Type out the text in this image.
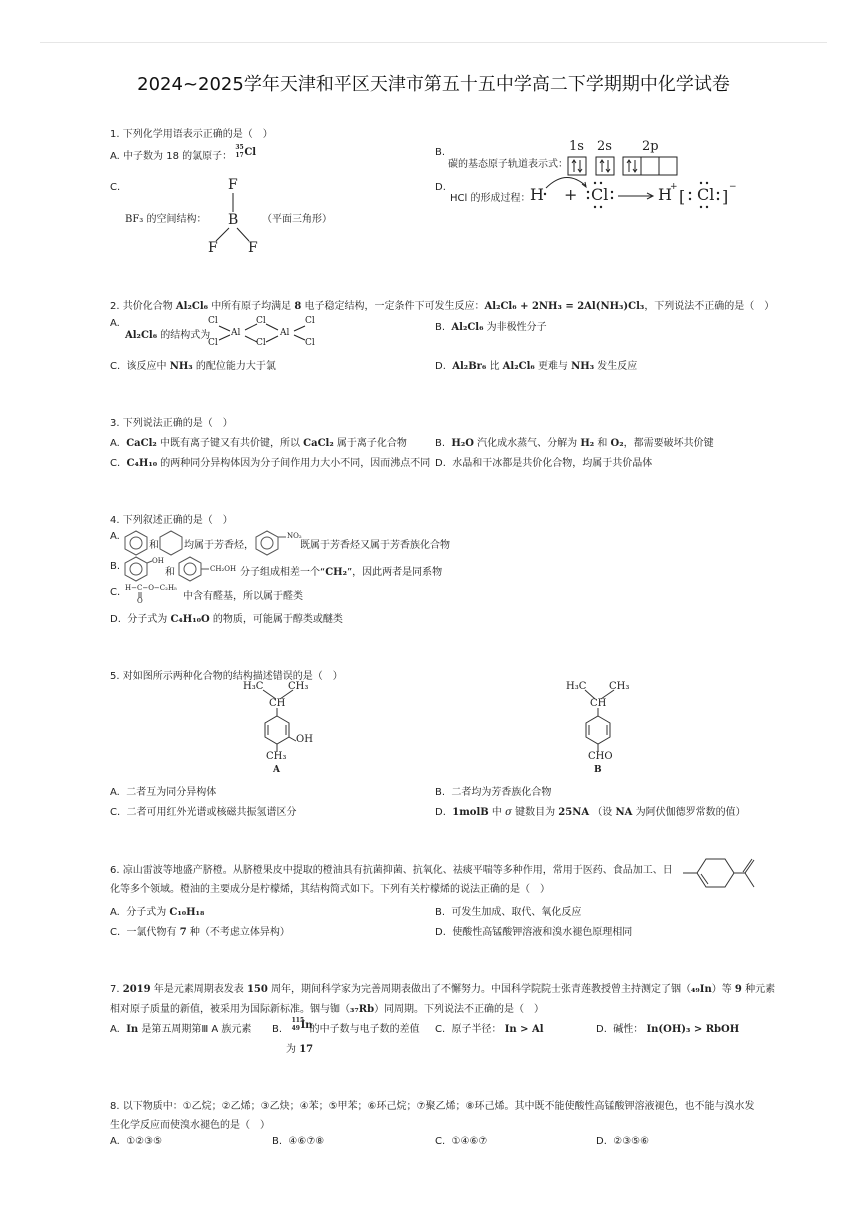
2024~2025学年天津和平区天津市第五十五中学高二下学期期中化学试卷
1. 下列化学用语表示正确的是（　）
A. 中子数为 18 的氯原子：
35
17 Cl	B.
碳的基态原子轨道表示式：
1s 2s 2p
C.
BF₃ 的空间结构：
F
B
F F
（平面三角形）
D.
HCl 的形成过程： H + Cl	H Cl
+ [ ] −
2. 共价化合物 Al₂Cl₆ 中所有原子均满足 8 电子稳定结构，一定条件下可发生反应：Al₂Cl₆ + 2NH₃ = 2Al(NH₃)Cl₃，下列说法不正确的是（　）
A.
Al₂Cl₆ 的结构式为
Cl	Cl	Cl
Al	Al
Cl	Cl	Cl
B. Al₂Cl₆ 为非极性分子
C. 该反应中 NH₃ 的配位能力大于氯	D. Al₂Br₆ 比 Al₂Cl₆ 更难与 NH₃ 发生反应
3. 下列说法正确的是（　）
A. CaCl₂ 中既有离子键又有共价键，所以 CaCl₂ 属于离子化合物	B. H₂O 汽化成水蒸气、分解为 H₂ 和 O₂，都需要破坏共价键
C. C₄H₁₀ 的两种同分异构体因为分子间作用力大小不同，因而沸点不同 D. 水晶和干冰都是共价化合物，均属于共价晶体
4. 下列叙述正确的是（　）
A.
和	均属于芳香烃，
NO₂
既属于芳香烃又属于芳香族化合物
B.	OH
和	CH₂OH 分子组成相差一个“CH₂”，因此两者是同系物
C. H−C−O−C₂H₅
O	中含有醛基，所以属于醛类
D. 分子式为 C₄H₁₀O 的物质，可能属于醇类或醚类
5. 对如图所示两种化合物的结构描述错误的是（　）
H₃C CH₃
CH
OH
CH₃
A
H₃C CH₃
CH
CHO
B
A. 二者互为同分异构体	B. 二者均为芳香族化合物
C. 二者可用红外光谱或核磁共振氢谱区分	D. 1molB 中 σ 键数目为 25NA （设 NA 为阿伏伽德罗常数的值）
6. 凉山雷波等地盛产脐橙。从脐橙果皮中提取的橙油具有抗菌抑菌、抗氧化、祛痰平喘等多种作用，常用于医药、食品加工、日
化等多个领域。橙油的主要成分是柠檬烯，其结构简式如下。下列有关柠檬烯的说法正确的是（　）
A. 分子式为 C₁₀H₁₈	B. 可发生加成、取代、氧化反应
C. 一氯代物有 7 种（不考虑立体异构）	D. 使酸性高锰酸钾溶液和溴水褪色原理相同
7. 2019 年是元素周期表发表 150 周年，期间科学家为完善周期表做出了不懈努力。中国科学院院士张青莲教授曾主持测定了铟（₄₉In）等 9 种元素
相对原子质量的新值，被采用为国际新标准。铟与铷（₃₇Rb）同周期。下列说法不正确的是（　）
A. In 是第五周期第Ⅲ A 族元素 B.
115
49 In
的中子数与电子数的差值
为 17
C. 原子半径： In > Al	D. 碱性： In(OH)₃ > RbOH
8. 以下物质中：①乙烷；②乙烯；③乙炔；④苯；⑤甲苯；⑥环己烷；⑦聚乙烯；⑧环己烯。其中既不能使酸性高锰酸钾溶液褪色，也不能与溴水发
生化学反应而使溴水褪色的是（　）
A. ①②③⑤	B. ④⑥⑦⑧	C. ①④⑥⑦	D. ②③⑤⑥
